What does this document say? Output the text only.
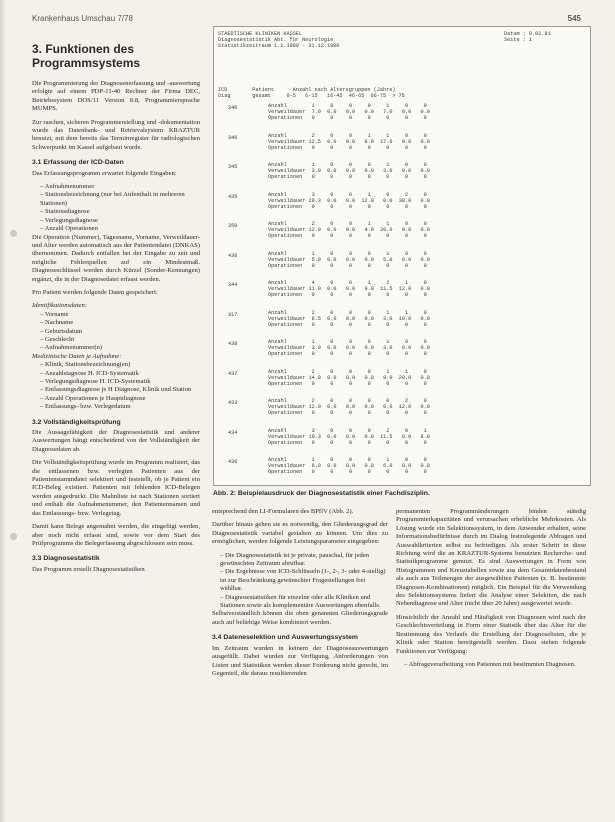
Krankenhaus Umschau 7/78	545
3. Funktionen des Programmsystems
Die Programmierung der Diagnosenerfassung und -auswertung erfolgte auf einem PDP-11-40 Rechner der Firma DEC, Betriebssystem DOS/11 Version 8.8, Programmiersprache MUMPS.
Zur raschen, sicheren Programmerstellung und -dokumentation wurde das Datenbank- und Retrievalsystem KRAZTUR benutzt, mit dem bereits das Terminregister für radiologischen Schwerpunkt im Kassel aufgebaut wurde.
3.1 Erfassung der ICD-Daten
Das Erfassungsprogramm erwartet folgende Eingaben:
– Aufnahmenummer
– Stationsbezeichnung (nur bei Aufenthalt in mehreren Stationen)
– Stationsdiagnose
– Verlegungsdiagnose
– Anzahl Operationen
Die Operation (Nummer), Tagesname, Vorname, Verweildauer- und Alter werden automatisch aus der Patientendatei (DNKAS) übernommen. Dadurch entfallen bei der Eingabe zu zeit und mögliche Fehlerquellen auf ein Mindestmaß. Diagnoseschlüssel werden durch Kürzel (Sonder-Kennungen) ergänzt, die in der Diagnosedatei erfasst werden.
Pro Patient werden folgende Daten gespeichert:
Identifikationsdaten:
– Vorname
– Nachname
– Geburtsdatum
– Geschlecht
– Aufnahmenummer(n)
Medizinische Daten je Aufnahme:
– Klinik, Stationsbezeichnung(en)
– Anzahlstagnose H. ICD-Systematik
– Verlegungsdiagnose H. ICD-Systematik
– Entlassungsdiagnose je H Diagnose, Klinik und Station
– Anzahl Operationen je Hauptdiagnose
– Entlassungs- bzw. Verlegedatum
3.2 Vollständigkeitsprüfung
Die Aussagefähigkeit der Diagnosestatistik und anderer Auswertungen hängt entscheidend von der Vollständigkeit der Diagnosedaten ab.
Die Vollständigkeitsprüfung wurde im Programm realisiert, das die entlassenen bzw. verlegten Patienten aus der Patientenstammdatei selektiert und feststellt, ob je Patient ein ICD-Beleg existiert. Patienten mit fehlenden ICD-Belegen werden ausgedruckt. Die Mahnliste ist nach Stationen sortiert und enthält die Aufnahmenummer, den Patientennamen und das Entlassungs- bzw. Verlegetag.
Damit kann Belege angemahnt werden, die eingefügt werden, aber noch nicht erfasst sind, sowie vor dem Start des Prüfprogramms die Belegerfassung abgeschlossen sein muss.
3.3 Diagnosestatistik
Das Programm erstellt Diagnosestatistiken
STAEDTISCHE KLINIKEN KASSEL
Diagnosestatistik Abt. für Neurologie
Statistikzeitraum 1.1.1980 - 31.12.1980
Datum : 9.02.81
Seite : 1
ICD        Patient      Anzahl nach Altersgruppen (Jahre)
Diag       gesamt     0-5   6-15   16-45  46-65  66-75  > 75
340	Anzahl        1     0     0     0     1     0     0
Verweildauer  7.0  0.0   0.0   0.0   7.0   0.0   0.0
Operationen   0     0     0     0     0     0     0
346	Anzahl        2     0     0     1     1     0     0
Verweildauer 12.5  0.0   0.0   8.0  17.0   0.0   0.0
Operationen   0     0     0     0     0     0     0
345	Anzahl        1     0     0     0     1     0     0
Verweildauer  3.0  0.0   0.0   0.0   3.0   0.0   0.0
Operationen   0     0     0     0     0     0     0
435	Anzahl        3     0     0     1     0     2     0
Verweildauer 29.3  0.0   0.0  12.0   0.0  38.0   0.0
Operationen   0     0     0     0     0     0     0
350	Anzahl        2     0     0     1     1     0     0
Verweildauer 12.0  0.0   0.0   4.0  20.0   0.0   0.0
Operationen   0     0     0     0     0     0     0
436	Anzahl        1     0     0     0     1     0     0
Verweildauer  5.0  0.0   0.0   0.0   5.0   0.0   0.0
Operationen   0     0     0     0     0     0     0
344	Anzahl        4     0     0     1     2     1     0
Verweildauer 11.0  0.0   0.0   9.0  11.5  12.0   0.0
Operationen   0     0     0     0     0     0     0
317	Anzahl        2     0     0     0     1     1     0
Verweildauer  6.5  0.0   0.0   0.0   3.0  10.0   0.0
Operationen   0     0     0     0     0     0     0
438	Anzahl        1     0     0     0     1     0     0
Verweildauer  3.0  0.0   0.0   0.0   3.0   0.0   0.0
Operationen   0     0     0     0     0     0     0
437	Anzahl        2     0     0     0     1     1     0
Verweildauer 14.0  0.0   0.0   0.0   8.0  20.0   0.0
Operationen   0     0     0     0     0     0     0
433	Anzahl        2     0     0     0     0     2     0
Verweildauer 12.0  0.0   0.0   0.0   0.0  12.0   0.0
Operationen   0     0     0     0     0     0     0
434	Anzahl        3     0     0     0     2     0     1
Verweildauer 10.3  0.0   0.0   0.0  11.5   0.0   8.0
Operationen   0     0     0     0     0     0     0
436	Anzahl        1     0     0     0     1     0     0
Verweildauer  6.0  0.0   0.0   0.0   6.0   0.0   0.0
Operationen   0     0     0     0     0     0     0
Abb. 2: Beispielausdruck der Diagnosestatistik einer Fachdisziplin.
entsprechend den LI-Formularen des BPflV (Abb. 2).
Darüber hinaus gehen sie es notwendig, den Gliederungsgrad der Diagnosestatistik variabel gestalten zu können. Um dies zu ermöglichen, werden folgende Leistungsparameter eingegeben:
– Die Diagnosestatistik ist je private, pauschal, für jeden gewünschten Zeitraum abrufbar.
– Die Ergebnisse von ICD-Schlüsseln (1-, 2-, 3- oder 4-stellig) ist zur Beschränkung gewünschter Fragestellungen frei wählbar.
– Diagnosestatistiken für einzelne oder alle Kliniken und Stationen sowie als komplementäre Auswertungen ebenfalls.
Selbstverständlich können die oben genannten Gliederungsgrade auch auf beliebige Weise kombiniert werden.
3.4 Dateneselektion und Auswertungssystem
Im Zeitraum wurden in keinem der Diagnoseauswertungen ausgefüllt. Dabei wurden zur Verfügung, Anforderungen von Listen und Statistiken werden dieser Forderung nicht gerecht, im Gegenteil, die daraus resultierenden
permanenten Programmänderungen binden ständig Programmierkapazitäten und verursachen erhebliche Mehrkosten. Als Lösung wurde ein Selektionssystem, in dem Anwender erhalten, seine Informationsbedürfnisse durch im Dialog festzulegende Abfragen und Auswahlkriterien selbst zu befriedigen. Als erster Schritt in diese Richtung wird die an KRAZTUR-Systems benutzten Recherche- und Statistikprogramme genutzt. Es sind Auswertungen in Form von Histogrammen und Kreuztabellen sowie aus dem Gesamtdatenbestand als auch aus Teilmengen der ausgewählten Patienten (z. B. bestimmte Diagnosen-Kombinationen) möglich. Ein Beispiel für die Verwendung des Selektionssystems liefert die Analyse einer Selektion, die nach Nebendiagnose und Alter (nicht über 20 Jahre) ausgewertet wurde.
Hinsichtlich der Anzahl und Häufigkeit von Diagnosen wird nach der Geschlechtsverteilung in Form einer Statistik über das Alter für die Bestimmung des Verlaufs die Erstellung der Diagnoselisten, die je Klinik oder Station bereitgestellt werden. Dazu stehen folgende Funktionen zur Verfügung:
– Abfrageverarbeitung von Patienten mit bestimmten Diagnosen.
